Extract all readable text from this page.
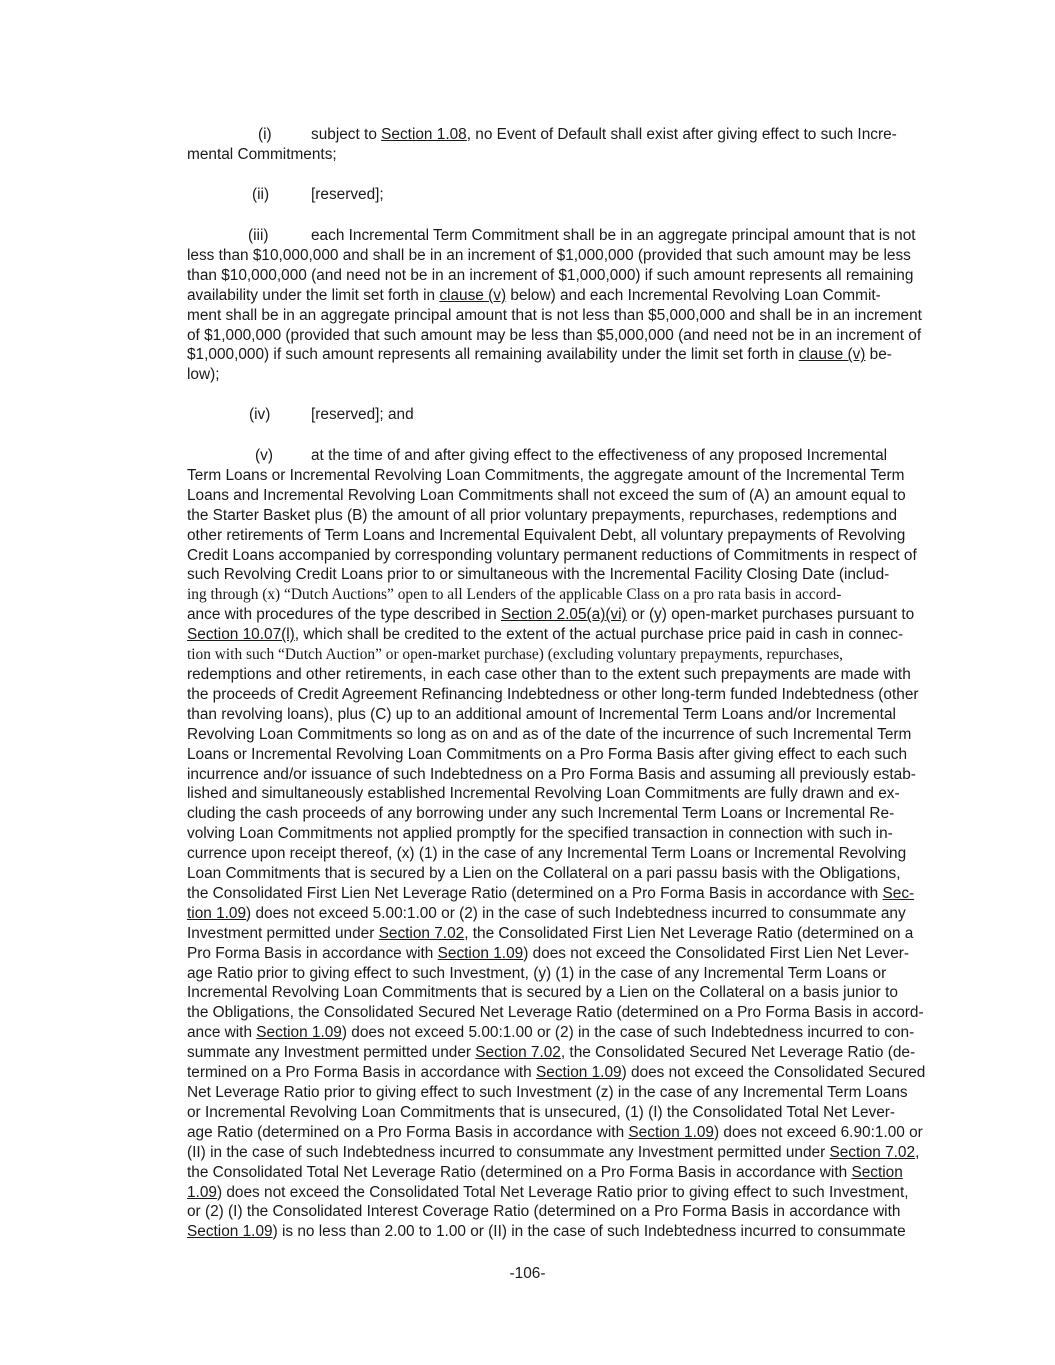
(i)	subject to Section 1.08, no Event of Default shall exist after giving effect to such Incre-
mental Commitments;
(ii)	[reserved];
(iii)	each Incremental Term Commitment shall be in an aggregate principal amount that is not
less than $10,000,000 and shall be in an increment of $1,000,000 (provided that such amount may be less
than $10,000,000 (and need not be in an increment of $1,000,000) if such amount represents all remaining
availability under the limit set forth in clause (v) below) and each Incremental Revolving Loan Commit-
ment shall be in an aggregate principal amount that is not less than $5,000,000 and shall be in an increment
of $1,000,000 (provided that such amount may be less than $5,000,000 (and need not be in an increment of
$1,000,000) if such amount represents all remaining availability under the limit set forth in clause (v) be-
low);
(iv)	[reserved]; and
(v) at the time of and after giving effect to the effectiveness of any proposed Incremental
Term Loans or Incremental Revolving Loan Commitments, the aggregate amount of the Incremental Term
Loans and Incremental Revolving Loan Commitments shall not exceed the sum of (A) an amount equal to
the Starter Basket plus (B) the amount of all prior voluntary prepayments, repurchases, redemptions and
other retirements of Term Loans and Incremental Equivalent Debt, all voluntary prepayments of Revolving
Credit Loans accompanied by corresponding voluntary permanent reductions of Commitments in respect of
such Revolving Credit Loans prior to or simultaneous with the Incremental Facility Closing Date (includ-
ing through (x) “Dutch Auctions” open to all Lenders of the applicable Class on a pro rata basis in accord-
ance with procedures of the type described in Section 2.05(a)(vi) or (y) open-market purchases pursuant to
Section 10.07(l), which shall be credited to the extent of the actual purchase price paid in cash in connec-
tion with such “Dutch Auction” or open-market purchase) (excluding voluntary prepayments, repurchases,
redemptions and other retirements, in each case other than to the extent such prepayments are made with
the proceeds of Credit Agreement Refinancing Indebtedness or other long-term funded Indebtedness (other
than revolving loans), plus (C) up to an additional amount of Incremental Term Loans and/or Incremental
Revolving Loan Commitments so long as on and as of the date of the incurrence of such Incremental Term
Loans or Incremental Revolving Loan Commitments on a Pro Forma Basis after giving effect to each such
incurrence and/or issuance of such Indebtedness on a Pro Forma Basis and assuming all previously estab-
lished and simultaneously established Incremental Revolving Loan Commitments are fully drawn and ex-
cluding the cash proceeds of any borrowing under any such Incremental Term Loans or Incremental Re-
volving Loan Commitments not applied promptly for the specified transaction in connection with such in-
currence upon receipt thereof, (x) (1) in the case of any Incremental Term Loans or Incremental Revolving
Loan Commitments that is secured by a Lien on the Collateral on a pari passu basis with the Obligations,
the Consolidated First Lien Net Leverage Ratio (determined on a Pro Forma Basis in accordance with Sec-
tion 1.09) does not exceed 5.00:1.00 or (2) in the case of such Indebtedness incurred to consummate any
Investment permitted under Section 7.02, the Consolidated First Lien Net Leverage Ratio (determined on a
Pro Forma Basis in accordance with Section 1.09) does not exceed the Consolidated First Lien Net Lever-
age Ratio prior to giving effect to such Investment, (y) (1) in the case of any Incremental Term Loans or
Incremental Revolving Loan Commitments that is secured by a Lien on the Collateral on a basis junior to
the Obligations, the Consolidated Secured Net Leverage Ratio (determined on a Pro Forma Basis in accord-
ance with Section 1.09) does not exceed 5.00:1.00 or (2) in the case of such Indebtedness incurred to con-
summate any Investment permitted under Section 7.02, the Consolidated Secured Net Leverage Ratio (de-
termined on a Pro Forma Basis in accordance with Section 1.09) does not exceed the Consolidated Secured
Net Leverage Ratio prior to giving effect to such Investment (z) in the case of any Incremental Term Loans
or Incremental Revolving Loan Commitments that is unsecured, (1) (I) the Consolidated Total Net Lever-
age Ratio (determined on a Pro Forma Basis in accordance with Section 1.09) does not exceed 6.90:1.00 or
(II) in the case of such Indebtedness incurred to consummate any Investment permitted under Section 7.02,
the Consolidated Total Net Leverage Ratio (determined on a Pro Forma Basis in accordance with Section
1.09) does not exceed the Consolidated Total Net Leverage Ratio prior to giving effect to such Investment,
or (2) (I) the Consolidated Interest Coverage Ratio (determined on a Pro Forma Basis in accordance with
Section 1.09) is no less than 2.00 to 1.00 or (II) in the case of such Indebtedness incurred to consummate
-106-
